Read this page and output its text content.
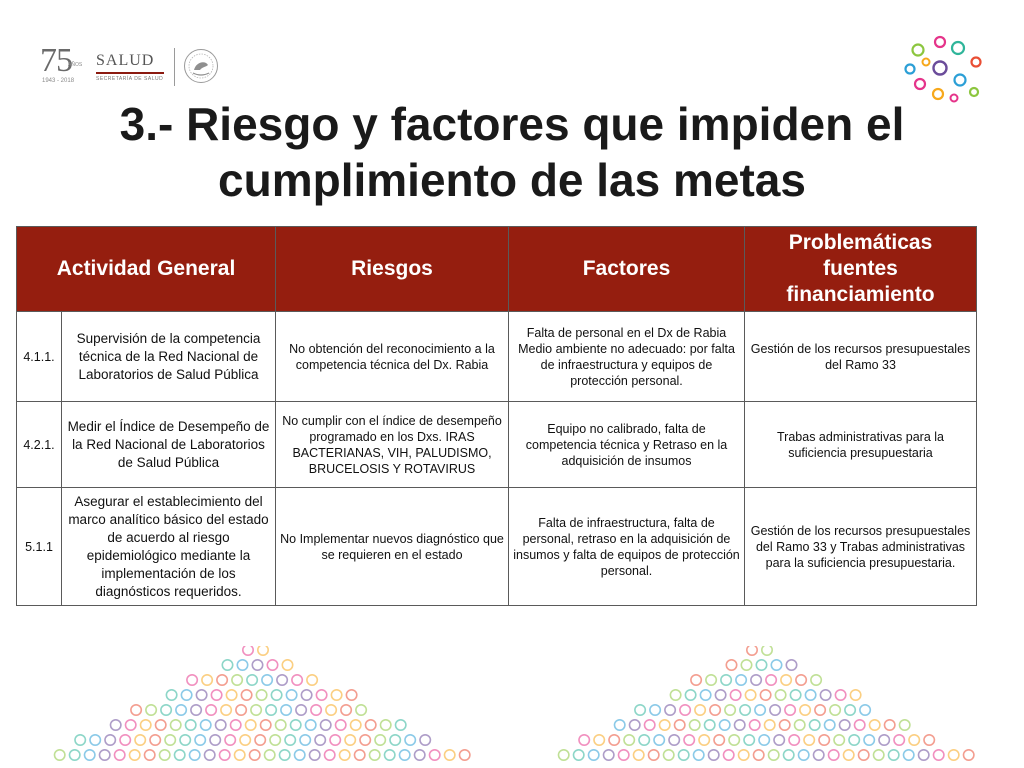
75
AÑOS
1943 - 2018
SALUD
SECRETARÍA DE SALUD
3.- Riesgo y factores que impiden el
cumplimiento de las metas
Actividad General		Riesgos	Factores	Problemáticas
fuentes
financiamiento
4.1.1.	Supervisión de la competencia técnica de la Red Nacional de Laboratorios de Salud Pública	No obtención del reconocimiento a la competencia técnica del Dx. Rabia	Falta de personal en el Dx de Rabia Medio ambiente no adecuado: por falta de infraestructura y equipos de protección personal.	Gestión de los recursos presupuestales del Ramo 33
4.2.1.	Medir el Índice de Desempeño de la Red Nacional de Laboratorios de Salud Pública	No cumplir con el índice de desempeño programado en los Dxs. IRAS BACTERIANAS, VIH, PALUDISMO, BRUCELOSIS Y ROTAVIRUS	Equipo no calibrado, falta de competencia técnica y Retraso en la adquisición de insumos	Trabas administrativas para la suficiencia presupuestaria
5.1.1	Asegurar el establecimiento del marco analítico básico del estado de acuerdo al riesgo epidemiológico mediante la implementación de los diagnósticos requeridos.	No Implementar nuevos diagnóstico que se requieren en el estado	Falta de infraestructura, falta de personal, retraso en la adquisición de insumos y falta de equipos de protección personal.	Gestión de los recursos presupuestales del Ramo 33 y Trabas administrativas para la suficiencia presupuestaria.
